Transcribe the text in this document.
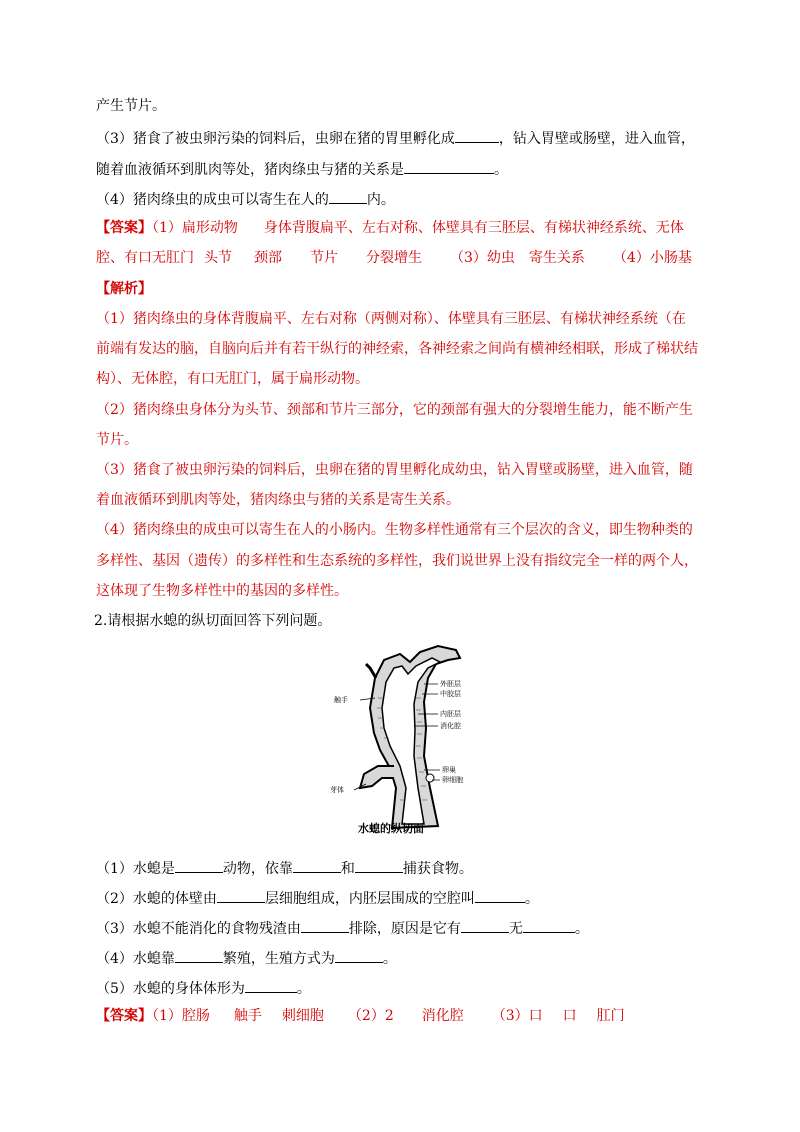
产生节片。
（3）猪食了被虫卵污染的饲料后，虫卵在猪的胃里孵化成	，钻入胃壁或肠壁，进入血管，
随着血液循环到肌肉等处，猪肉绦虫与猪的关系是	。
（4）猪肉绦虫的成虫可以寄生在人的	内。
【答案】（1）扁形动物 身体背腹扁平、左右对称、体壁具有三胚层、有梯状神经系统、无体
腔、有口无肛门 头节 颈部 节片 分裂增生 （3）幼虫 寄生关系 （4）小肠基
【解析】
（1）猪肉绦虫的身体背腹扁平、左右对称（两侧对称）、体壁具有三胚层、有梯状神经系统（在
前端有发达的脑，自脑向后并有若干纵行的神经索，各神经索之间尚有横神经相联，形成了梯状结
构）、无体腔，有口无肛门，属于扁形动物。
（2）猪肉绦虫身体分为头节、颈部和节片三部分，它的颈部有强大的分裂增生能力，能不断产生
节片。
（3）猪食了被虫卵污染的饲料后，虫卵在猪的胃里孵化成幼虫，钻入胃壁或肠壁，进入血管，随
着血液循环到肌肉等处，猪肉绦虫与猪的关系是寄生关系。
（4）猪肉绦虫的成虫可以寄生在人的小肠内。生物多样性通常有三个层次的含义，即生物种类的
多样性、基因（遗传）的多样性和生态系统的多样性，我们说世界上没有指纹完全一样的两个人，
这体现了生物多样性中的基因的多样性。
2.请根据水螅的纵切面回答下列问题。
触手
外胚层
中胶层
内胚层
消化腔
芽体
卵巢
卵细胞
水螅的纵切面
（1）水螅是	动物，依靠	和	捕获食物。
（2）水螅的体壁由	层细胞组成，内胚层围成的空腔叫	。
（3）水螅不能消化的食物残渣由	排除，原因是它有	无	。
（4）水螅靠	繁殖，生殖方式为	。
（5）水螅的身体体形为	。
【答案】（1）腔肠 触手 刺细胞 （2）2 消化腔 （3）口 口 肛门
